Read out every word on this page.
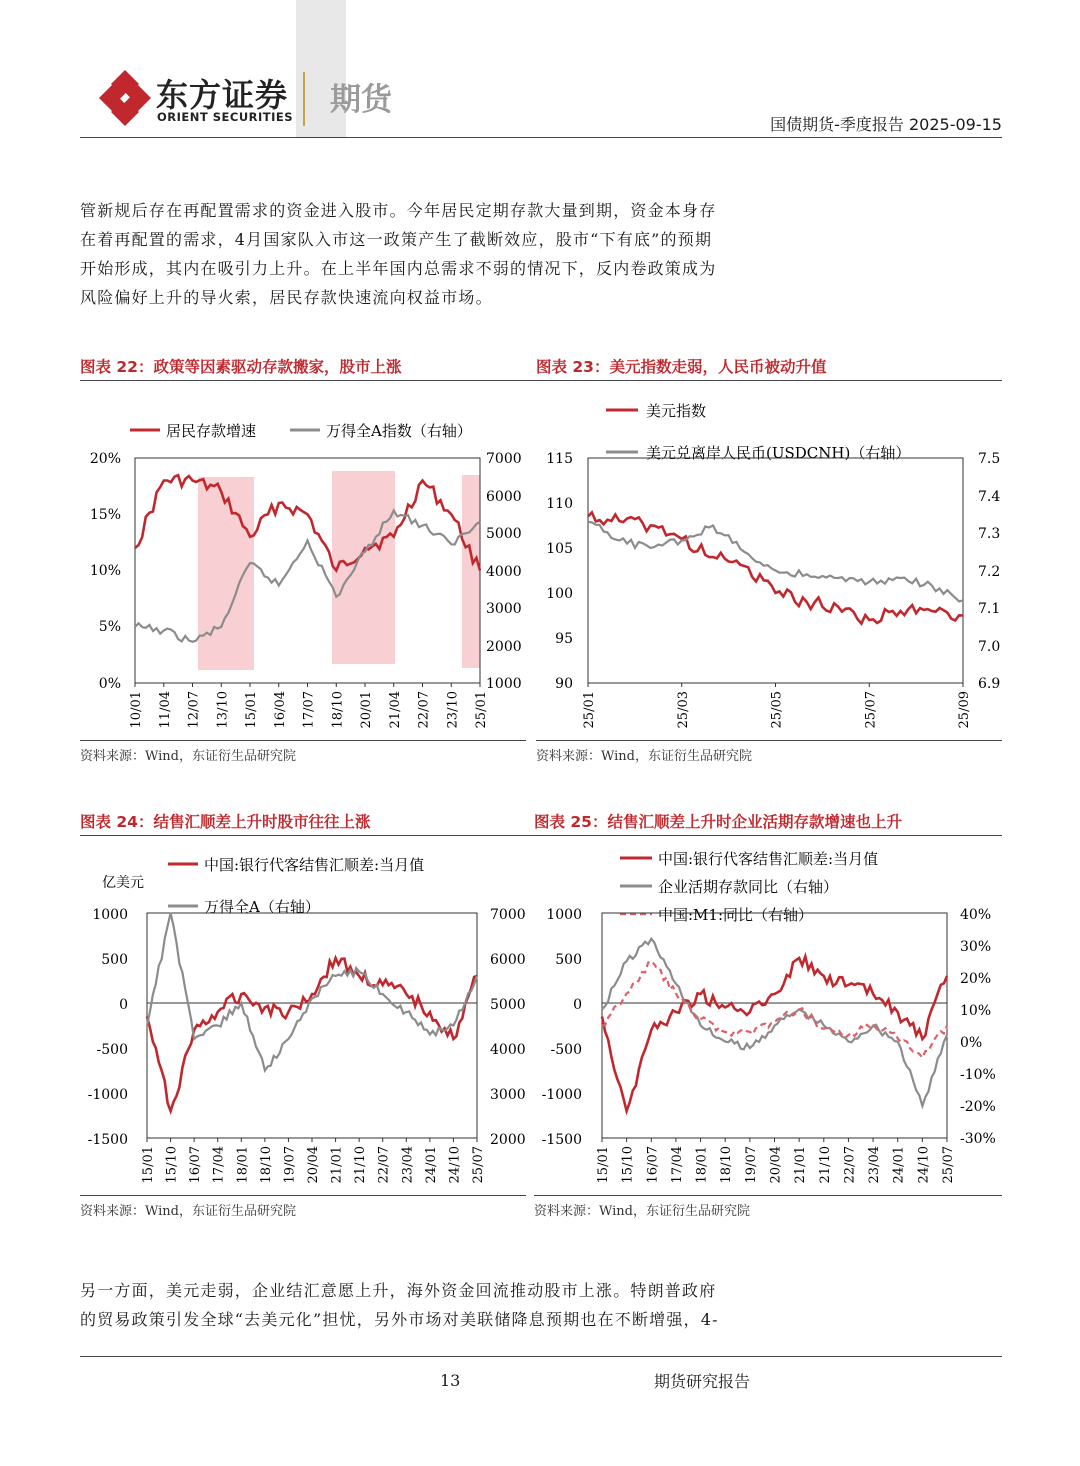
东方证券
ORIENT SECURITIES 期货
国债期货-季度报告 2025-09-15

管新规后存在再配置需求的资金进入股市。今年居民定期存款大量到期，资金本身存

在着再配置的需求，4月国家队入市这一政策产生了截断效应，股市“下有底”的预期

开始形成，其内在吸引力上升。在上半年国内总需求不弱的情况下，反内卷政策成为

风险偏好上升的导火索，居民存款快速流向权益市场。

图表 22：政策等因素驱动存款搬家，股市上涨	图表 23：美元指数走弱，人民币被动升值
居民存款增速	万得全A指数（右轴）
20%
15%
10%
5%
0%
7000
6000
5000
4000
3000
2000
1000
10/01 11/04 12/07 13/10 15/01 16/04 17/07 18/10 20/01 21/04 22/07 23/10 25/01
资料来源：Wind，东证衍生品研究院
美元指数
美元兑离岸人民币(USDCNH)（右轴）
115
110
105
100
95
90
7.5
7.4
7.3
7.2
7.1
7.0
6.9
25/01	25/03	25/05	25/07	25/09
资料来源：Wind，东证衍生品研究院
图表 24：结售汇顺差上升时股市往往上涨	图表 25：结售汇顺差上升时企业活期存款增速也上升
亿美元
中国:银行代客结售汇顺差:当月值
万得全A（右轴）
1000
500
0
-500
-1000
-1500
7000
6000
5000
4000
3000
2000
15/01 15/10 16/07 17/04 18/01 18/10 19/07 20/04 21/01 21/10 22/07 23/04 24/01 24/10 25/07
资料来源：Wind，东证衍生品研究院
中国:银行代客结售汇顺差:当月值
企业活期存款同比（右轴）
中国:M1:同比（右轴）
1000
500
0
-500
-1000
-1500
40%
30%
20%
10%
0%
-10%
-20%
-30%
15/01 15/10 16/07 17/04 18/01 18/10 19/07 20/04 21/01 21/10 22/07 23/04 24/01 24/10 25/07
资料来源：Wind，东证衍生品研究院

另一方面，美元走弱，企业结汇意愿上升，海外资金回流推动股市上涨。特朗普政府

的贸易政策引发全球“去美元化”担忧，另外市场对美联储降息预期也在不断增强，4-

13	期货研究报告
